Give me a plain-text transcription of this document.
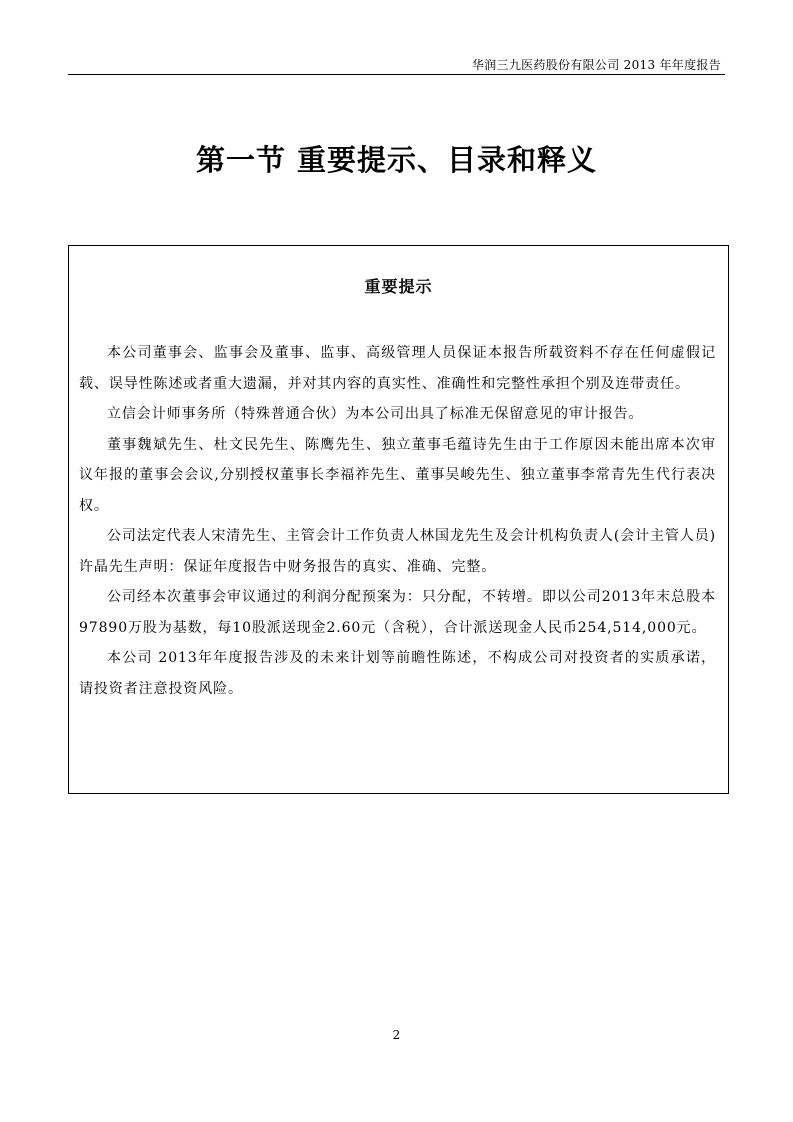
华润三九医药股份有限公司 2013 年年度报告
第一节 重要提示、目录和释义
重要提示

本公司董事会、监事会及董事、监事、高级管理人员保证本报告所载资料不存在任何虚假记载、误导性陈述或者重大遗漏，并对其内容的真实性、准确性和完整性承担个别及连带责任。

立信会计师事务所（特殊普通合伙）为本公司出具了标准无保留意见的审计报告。

董事魏斌先生、杜文民先生、陈鹰先生、独立董事毛蕴诗先生由于工作原因未能出席本次审议年报的董事会会议,分别授权董事长李福祚先生、董事吴峻先生、独立董事李常青先生代行表决权。

公司法定代表人宋清先生、主管会计工作负责人林国龙先生及会计机构负责人(会计主管人员) 许晶先生声明：保证年度报告中财务报告的真实、准确、完整。

公司经本次董事会审议通过的利润分配预案为：只分配，不转增。即以公司2013年末总股本97890万股为基数，每10股派送现金2.60元（含税），合计派送现金人民币254,514,000元。

本公司 2013年年度报告涉及的未来计划等前瞻性陈述，不构成公司对投资者的实质承诺，请投资者注意投资风险。

2
